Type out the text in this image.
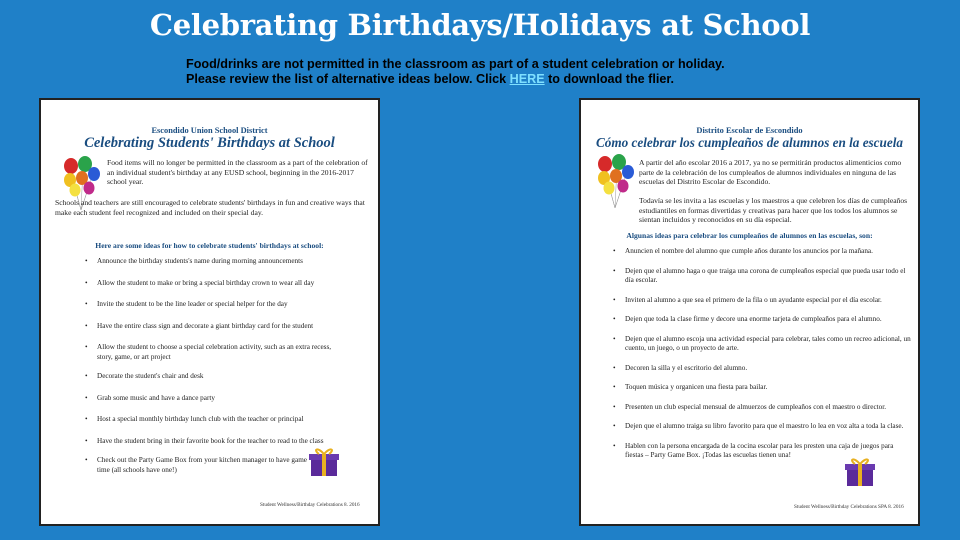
Celebrating Birthdays/Holidays at School
Food/drinks are not permitted in the classroom as part of a student celebration or holiday.
Please review the list of alternative ideas below. Click HERE to download the flier.
Escondido Union School District
Celebrating Students' Birthdays at School
Food items will no longer be permitted in the classroom as a part of the celebration of an individual student's birthday at any EUSD school, beginning in the 2016-2017 school year.
Schools and teachers are still encouraged to celebrate students' birthdays in fun and creative ways that make each student feel recognized and included on their special day.
Here are some ideas for how to celebrate students' birthdays at school:
• Announce the birthday students's name during morning announcements
• Allow the student to make or bring a special birthday crown to wear all day
• Invite the student to be the line leader or special helper for the day
• Have the entire class sign and decorate a giant birthday card for the student
• Allow the student to choose a special celebration activity, such as an extra recess, story, game, or art project
• Decorate the student's chair and desk
• Grab some music and have a dance party
• Host a special monthly birthday lunch club with the teacher or principal
• Have the student bring in their favorite book for the teacher to read to the class
• Check out the Party Game Box from your kitchen manager to have game time (all schools have one!)
Student Wellness/Birthday Celebrations 8. 2016
Distrito Escolar de Escondido
Cómo celebrar los cumpleaños de alumnos en la escuela
A partir del año escolar 2016 a 2017, ya no se permitirán productos alimenticios como parte de la celebración de los cumpleaños de alumnos individuales en ninguna de las escuelas del Distrito Escolar de Escondido.
Todavía se les invita a las escuelas y los maestros a que celebren los días de cumpleaños estudiantiles en formas divertidas y creativas para hacer que los todos los alumnos se sientan incluidos y reconocidos en su día especial.
Algunas ideas para celebrar los cumpleaños de alumnos en las escuelas, son:
• Anuncien el nombre del alumno que cumple años durante los anuncios por la mañana.
• Dejen que el alumno haga o que traiga una corona de cumpleaños especial que pueda usar todo el día escolar.
• Inviten al alumno a que sea el primero de la fila o un ayudante especial por el día escolar.
• Dejen que toda la clase firme y decore una enorme tarjeta de cumpleaños para el alumno.
• Dejen que el alumno escoja una actividad especial para celebrar, tales como un recreo adicional, un cuento, un juego, o un proyecto de arte.
• Decoren la silla y el escritorio del alumno.
• Toquen música y organicen una fiesta para bailar.
• Presenten un club especial mensual de almuerzos de cumpleaños con el maestro o director.
• Dejen que el alumno traiga su libro favorito para que el maestro lo lea en voz alta a toda la clase.
• Hablen con la persona encargada de la cocina escolar para les presten una caja de juegos para fiestas – Party Game Box. ¡Todas las escuelas tienen una!
Student Wellness/Birthday Celebrations SPA 8. 2016
